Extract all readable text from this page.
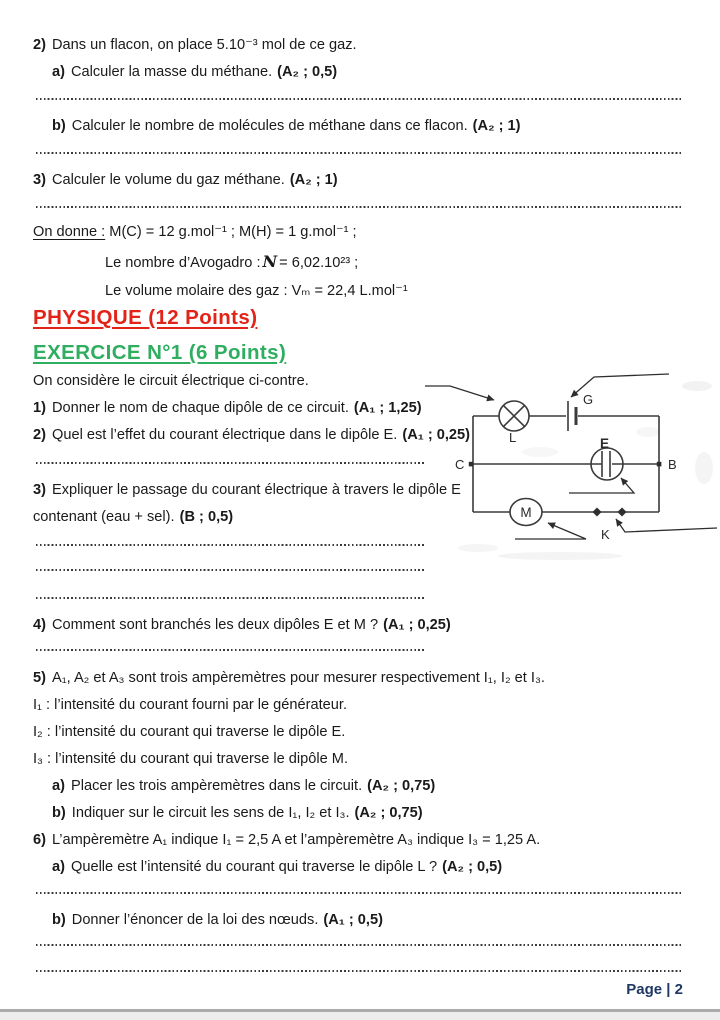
2) Dans un flacon, on place 5.10⁻³ mol de ce gaz.
a) Calculer la masse du méthane. (A₂ ; 0,5)
b) Calculer le nombre de molécules de méthane dans ce flacon. (A₂ ; 1)
3) Calculer le volume du gaz méthane. (A₂ ; 1)
On donne : M(C) = 12 g.mol⁻¹ ; M(H) = 1 g.mol⁻¹ ;
Le nombre d’Avogadro : N = 6,02.10²³ ;
Le volume molaire des gaz : Vₘ = 22,4 L.mol⁻¹
PHYSIQUE (12 Points)
EXERCICE N°1 (6 Points)
On considère le circuit électrique ci-contre.
1) Donner le nom de chaque dipôle de ce circuit. (A₁ ; 1,25)
2) Quel est l’effet du courant électrique dans le dipôle E. (A₁ ; 0,25)
3) Expliquer le passage du courant électrique à travers le dipôle E
contenant (eau + sel). (B ; 0,5)
4) Comment sont branchés les deux dipôles E et M ? (A₁ ; 0,25)
5) A₁, A₂ et A₃ sont trois ampèremètres pour mesurer respectivement I₁, I₂ et I₃.
I₁ : l’intensité du courant fourni par le générateur.
I₂ : l’intensité du courant qui traverse le dipôle E.
I₃ : l’intensité du courant qui traverse le dipôle M.
a) Placer les trois ampèremètres dans le circuit. (A₂ ; 0,75)
b) Indiquer sur le circuit les sens de I₁, I₂ et I₃. (A₂ ; 0,75)
6) L’ampèremètre A₁ indique I₁ = 2,5 A et l’ampèremètre A₃ indique I₃ = 1,25 A.
a) Quelle est l’intensité du courant qui traverse le dipôle L ? (A₂ ; 0,5)
b) Donner l’énoncer de la loi des nœuds. (A₁ ; 0,5)
M
G
L	E
C	B
K
Page | 2
